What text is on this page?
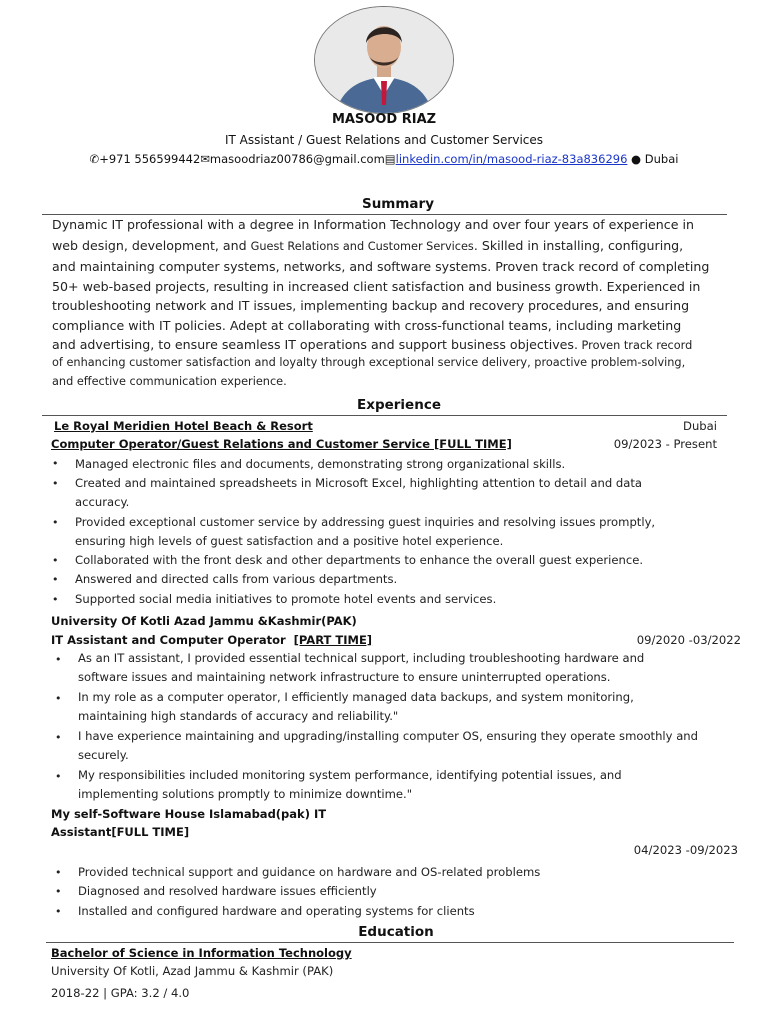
MASOOD RIAZ
IT Assistant / Guest Relations and Customer Services
✆+971 556599442✉masoodriaz00786@gmail.com▤linkedin.com/in/masood-riaz-83a836296 ● Dubai
Summary
Dynamic IT professional with a degree in Information Technology and over four years of experience in
web design, development, and Guest Relations and Customer Services. Skilled in installing, configuring,
and maintaining computer systems, networks, and software systems. Proven track record of completing
50+ web-based projects, resulting in increased client satisfaction and business growth. Experienced in
troubleshooting network and IT issues, implementing backup and recovery procedures, and ensuring
compliance with IT policies. Adept at collaborating with cross-functional teams, including marketing
and advertising, to ensure seamless IT operations and support business objectives. Proven track record
of enhancing customer satisfaction and loyalty through exceptional service delivery, proactive problem-solving,
and effective communication experience.
Experience
Le Royal Meridien Hotel Beach & Resort	Dubai
Computer Operator/Guest Relations and Customer Service [FULL TIME]	09/2023 - Present
• Managed electronic files and documents, demonstrating strong organizational skills.
• Created and maintained spreadsheets in Microsoft Excel, highlighting attention to detail and data
accuracy.
• Provided exceptional customer service by addressing guest inquiries and resolving issues promptly,
ensuring high levels of guest satisfaction and a positive hotel experience.
• Collaborated with the front desk and other departments to enhance the overall guest experience.
• Answered and directed calls from various departments.
• Supported social media initiatives to promote hotel events and services.
University Of Kotli Azad Jammu &Kashmir(PAK)
IT Assistant and Computer Operator [PART TIME]	09/2020 -03/2022
• As an IT assistant, I provided essential technical support, including troubleshooting hardware and
software issues and maintaining network infrastructure to ensure uninterrupted operations.
• In my role as a computer operator, I efficiently managed data backups, and system monitoring,
maintaining high standards of accuracy and reliability."
• I have experience maintaining and upgrading/installing computer OS, ensuring they operate smoothly and
securely.
• My responsibilities included monitoring system performance, identifying potential issues, and
implementing solutions promptly to minimize downtime."
My self-Software House Islamabad(pak) IT
Assistant[FULL TIME]
04/2023 -09/2023
• Provided technical support and guidance on hardware and OS-related problems
• Diagnosed and resolved hardware issues efficiently
• Installed and configured hardware and operating systems for clients
Education
Bachelor of Science in Information Technology
University Of Kotli, Azad Jammu & Kashmir (PAK)
2018-22 | GPA: 3.2 / 4.0
